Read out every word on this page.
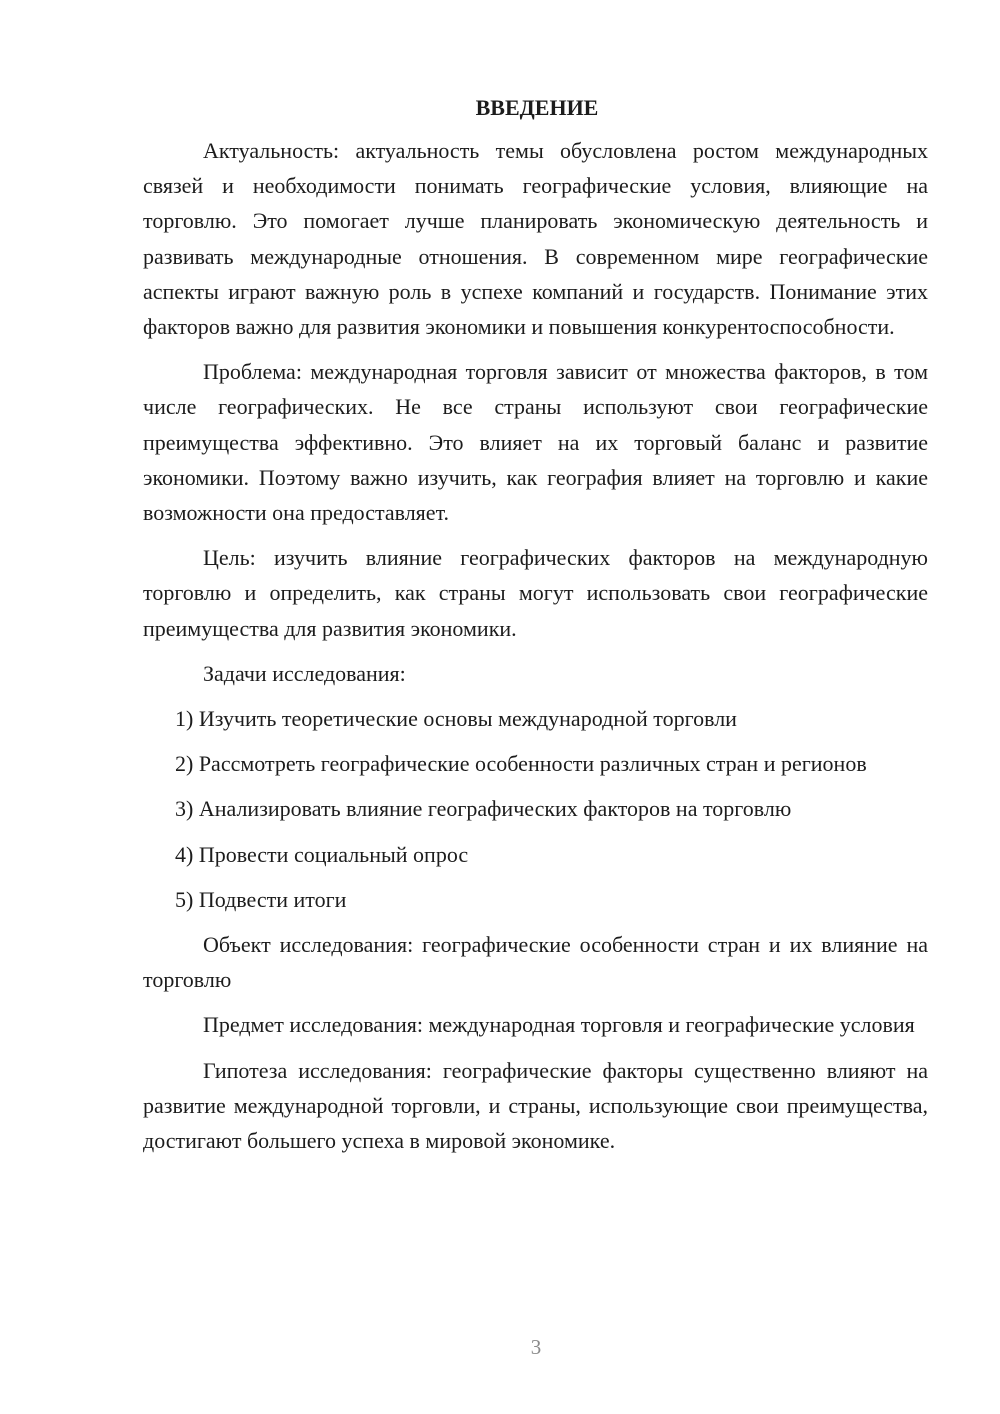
ВВЕДЕНИЕ

Актуальность: актуальность темы обусловлена ростом международных связей и необходимости понимать географические условия, влияющие на торговлю. Это помогает лучше планировать экономическую деятельность и развивать международные отношения. В современном мире географические аспекты играют важную роль в успехе компаний и государств. Понимание этих факторов важно для развития экономики и повышения конкурентоспособности.

Проблема: международная торговля зависит от множества факторов, в том числе географических. Не все страны используют свои географические преимущества эффективно. Это влияет на их торговый баланс и развитие экономики. Поэтому важно изучить, как география влияет на торговлю и какие возможности она предоставляет.

Цель: изучить влияние географических факторов на международную торговлю и определить, как страны могут использовать свои географические преимущества для развития экономики.

Задачи исследования:

1) Изучить теоретические основы международной торговли

2) Рассмотреть географические особенности различных стран и регионов

3) Анализировать влияние географических факторов на торговлю

4) Провести социальный опрос

5) Подвести итоги

Объект исследования: географические особенности стран и их влияние на торговлю

Предмет исследования: международная торговля и географические условия

Гипотеза исследования: географические факторы существенно влияют на развитие международной торговли, и страны, использующие свои преимущества, достигают большего успеха в мировой экономике.

3
